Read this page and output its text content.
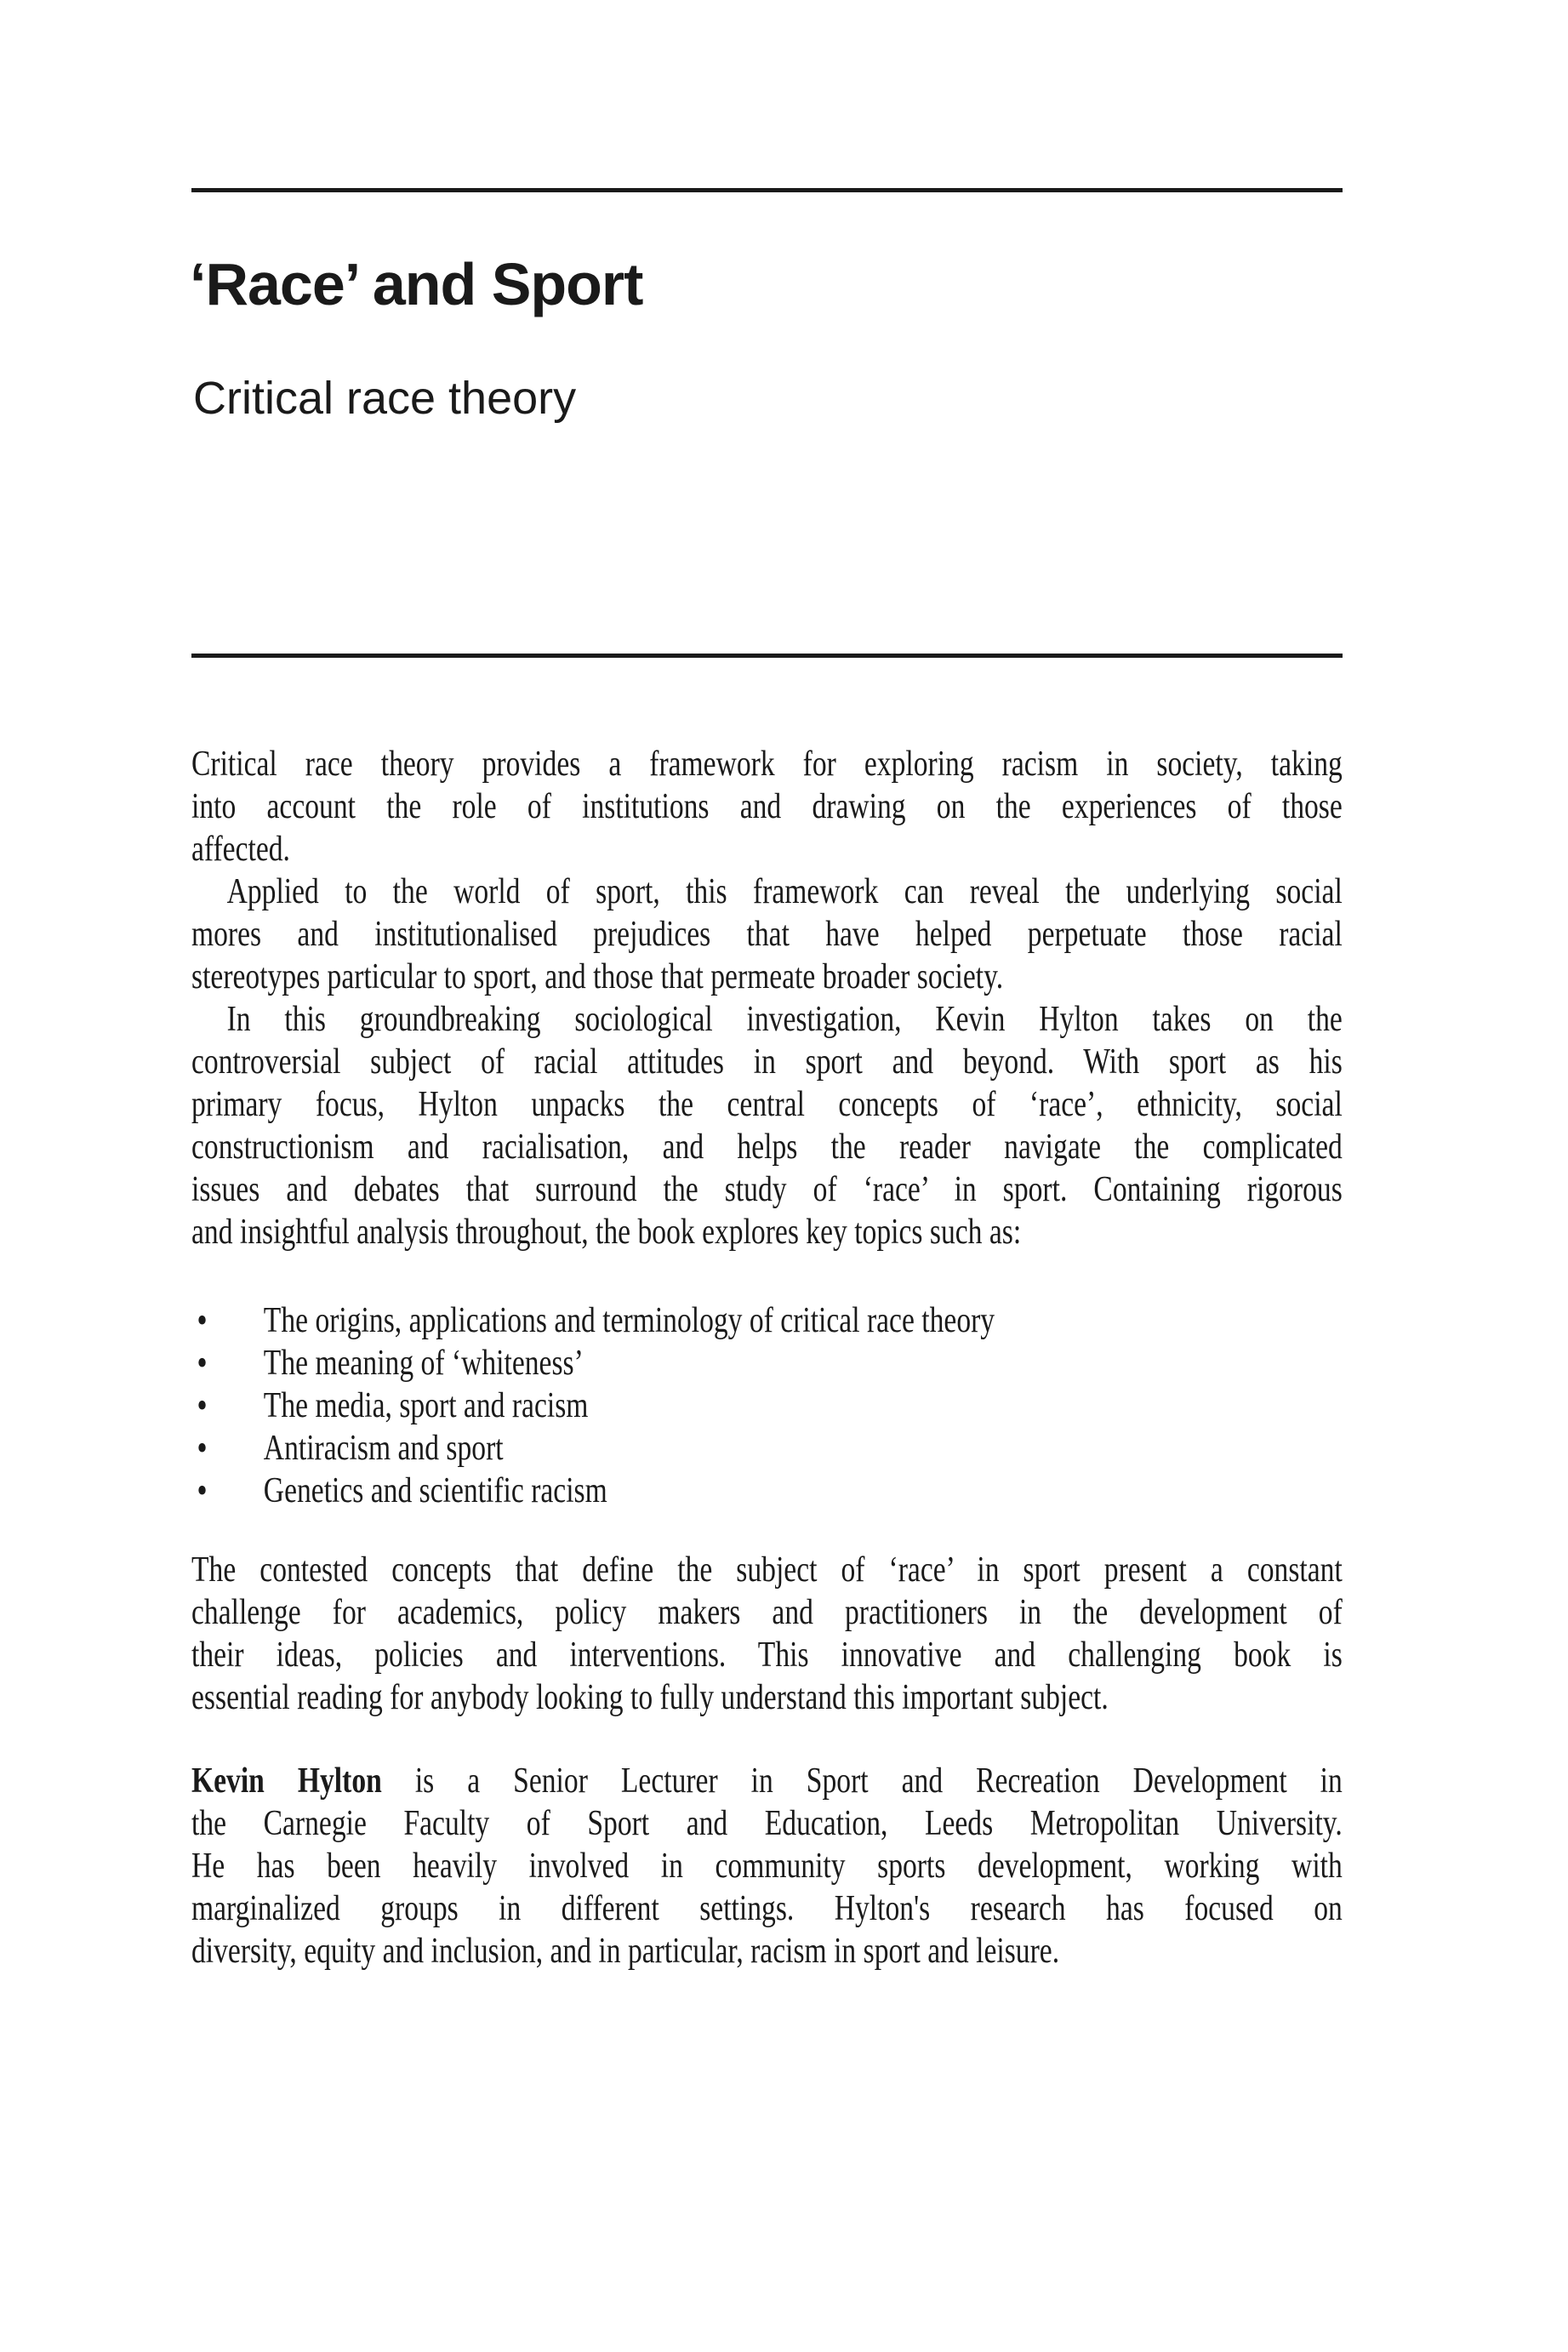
‘Race’ and Sport
Critical race theory
Critical race theory provides a framework for exploring racism in society, taking
into account the role of institutions and drawing on the experiences of those
affected.
Applied to the world of sport, this framework can reveal the underlying social
mores and institutionalised prejudices that have helped perpetuate those racial
stereotypes particular to sport, and those that permeate broader society.
In this groundbreaking sociological investigation, Kevin Hylton takes on the
controversial subject of racial attitudes in sport and beyond. With sport as his
primary focus, Hylton unpacks the central concepts of ‘race’, ethnicity, social
constructionism and racialisation, and helps the reader navigate the complicated
issues and debates that surround the study of ‘race’ in sport. Containing rigorous
and insightful analysis throughout, the book explores key topics such as:
• The origins, applications and terminology of critical race theory
• The meaning of ‘whiteness’
• The media, sport and racism
• Antiracism and sport
• Genetics and scientific racism
The contested concepts that define the subject of ‘race’ in sport present a constant
challenge for academics, policy makers and practitioners in the development of
their ideas, policies and interventions. This innovative and challenging book is
essential reading for anybody looking to fully understand this important subject.
Kevin Hylton is a Senior Lecturer in Sport and Recreation Development in
the Carnegie Faculty of Sport and Education, Leeds Metropolitan University.
He has been heavily involved in community sports development, working with
marginalized groups in different settings. Hylton's research has focused on
diversity, equity and inclusion, and in particular, racism in sport and leisure.
